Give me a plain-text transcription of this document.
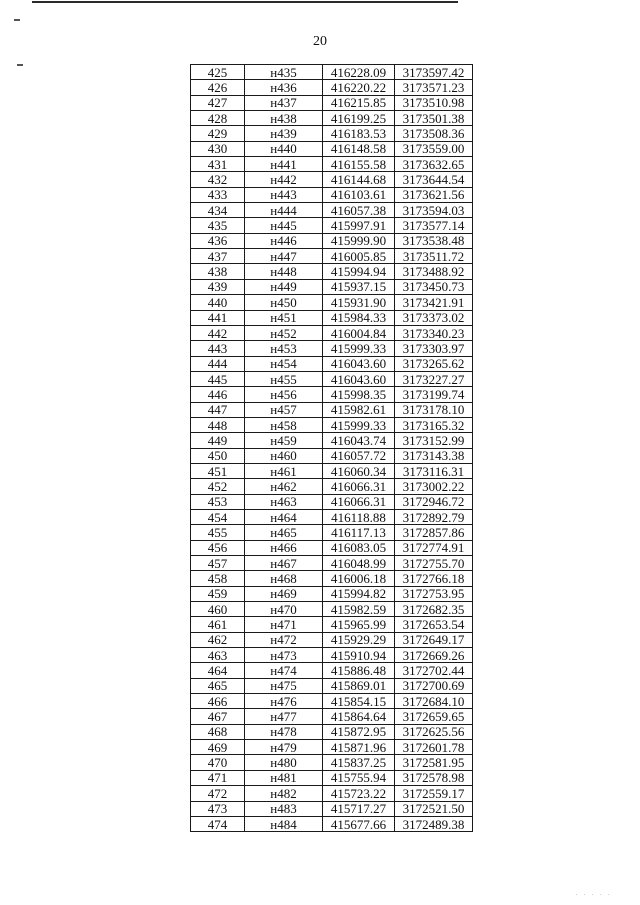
20
425	н435	416228.09	3173597.42
426	н436	416220.22	3173571.23
427	н437	416215.85	3173510.98
428	н438	416199.25	3173501.38
429	н439	416183.53	3173508.36
430	н440	416148.58	3173559.00
431	н441	416155.58	3173632.65
432	н442	416144.68	3173644.54
433	н443	416103.61	3173621.56
434	н444	416057.38	3173594.03
435	н445	415997.91	3173577.14
436	н446	415999.90	3173538.48
437	н447	416005.85	3173511.72
438	н448	415994.94	3173488.92
439	н449	415937.15	3173450.73
440	н450	415931.90	3173421.91
441	н451	415984.33	3173373.02
442	н452	416004.84	3173340.23
443	н453	415999.33	3173303.97
444	н454	416043.60	3173265.62
445	н455	416043.60	3173227.27
446	н456	415998.35	3173199.74
447	н457	415982.61	3173178.10
448	н458	415999.33	3173165.32
449	н459	416043.74	3173152.99
450	н460	416057.72	3173143.38
451	н461	416060.34	3173116.31
452	н462	416066.31	3173002.22
453	н463	416066.31	3172946.72
454	н464	416118.88	3172892.79
455	н465	416117.13	3172857.86
456	н466	416083.05	3172774.91
457	н467	416048.99	3172755.70
458	н468	416006.18	3172766.18
459	н469	415994.82	3172753.95
460	н470	415982.59	3172682.35
461	н471	415965.99	3172653.54
462	н472	415929.29	3172649.17
463	н473	415910.94	3172669.26
464	н474	415886.48	3172702.44
465	н475	415869.01	3172700.69
466	н476	415854.15	3172684.10
467	н477	415864.64	3172659.65
468	н478	415872.95	3172625.56
469	н479	415871.96	3172601.78
470	н480	415837.25	3172581.95
471	н481	415755.94	3172578.98
472	н482	415723.22	3172559.17
473	н483	415717.27	3172521.50
474	н484	415677.66	3172489.38
· · · · ·
